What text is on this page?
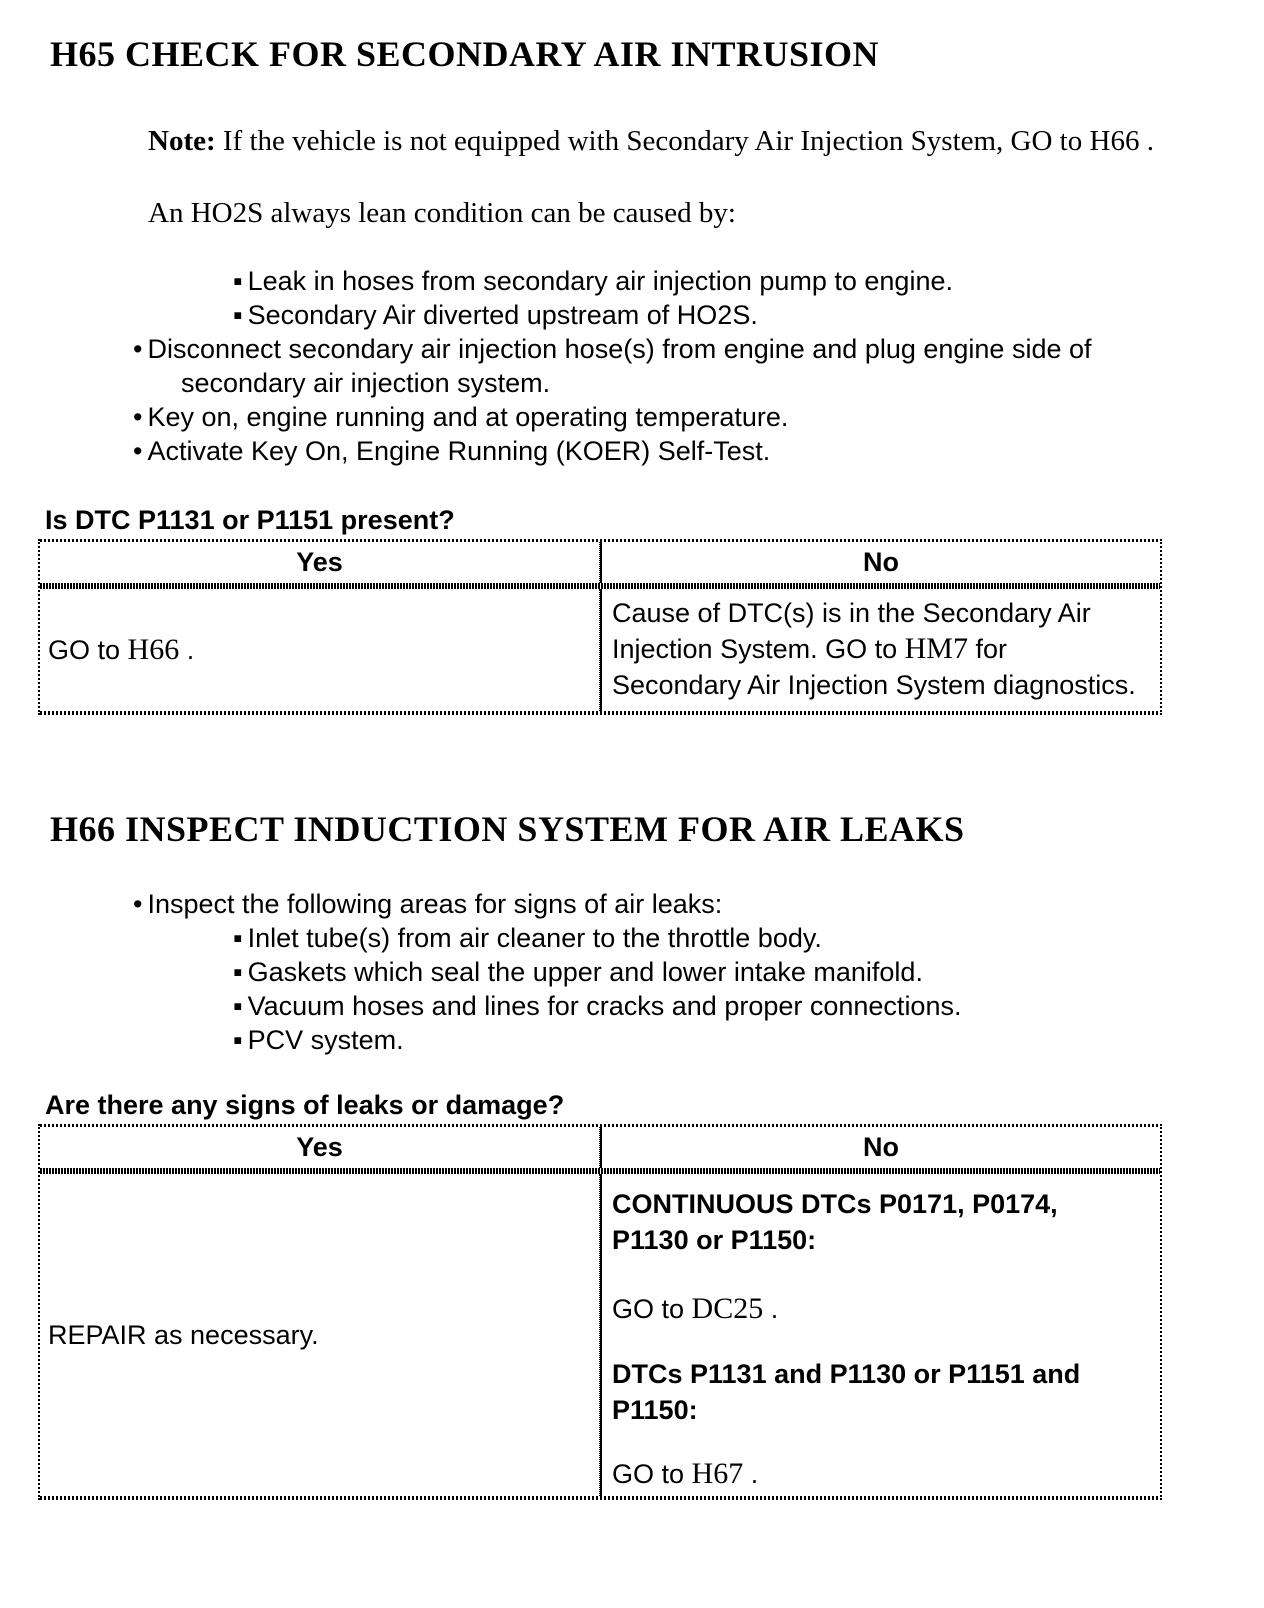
H65 CHECK FOR SECONDARY AIR INTRUSION

Note: If the vehicle is not equipped with Secondary Air Injection System, GO to H66 .

An HO2S always lean condition can be caused by:

▪ Leak in hoses from secondary air injection pump to engine.
▪ Secondary Air diverted upstream of HO2S.
• Disconnect secondary air injection hose(s) from engine and plug engine side of secondary air injection system.
• Key on, engine running and at operating temperature.
• Activate Key On, Engine Running (KOER) Self-Test.
Is DTC P1131 or P1151 present?
Yes	No
GO to H66 .
Cause of DTC(s) is in the Secondary Air Injection System. GO to HM7 for Secondary Air Injection System diagnostics.
H66 INSPECT INDUCTION SYSTEM FOR AIR LEAKS
• Inspect the following areas for signs of air leaks:
▪ Inlet tube(s) from air cleaner to the throttle body.
▪ Gaskets which seal the upper and lower intake manifold.
▪ Vacuum hoses and lines for cracks and proper connections.
▪ PCV system.
Are there any signs of leaks or damage?
Yes	No
REPAIR as necessary.

CONTINUOUS DTCs P0171, P0174, P1130 or P1150:

GO to DC25 .

DTCs P1131 and P1130 or P1151 and P1150:

GO to H67 .
